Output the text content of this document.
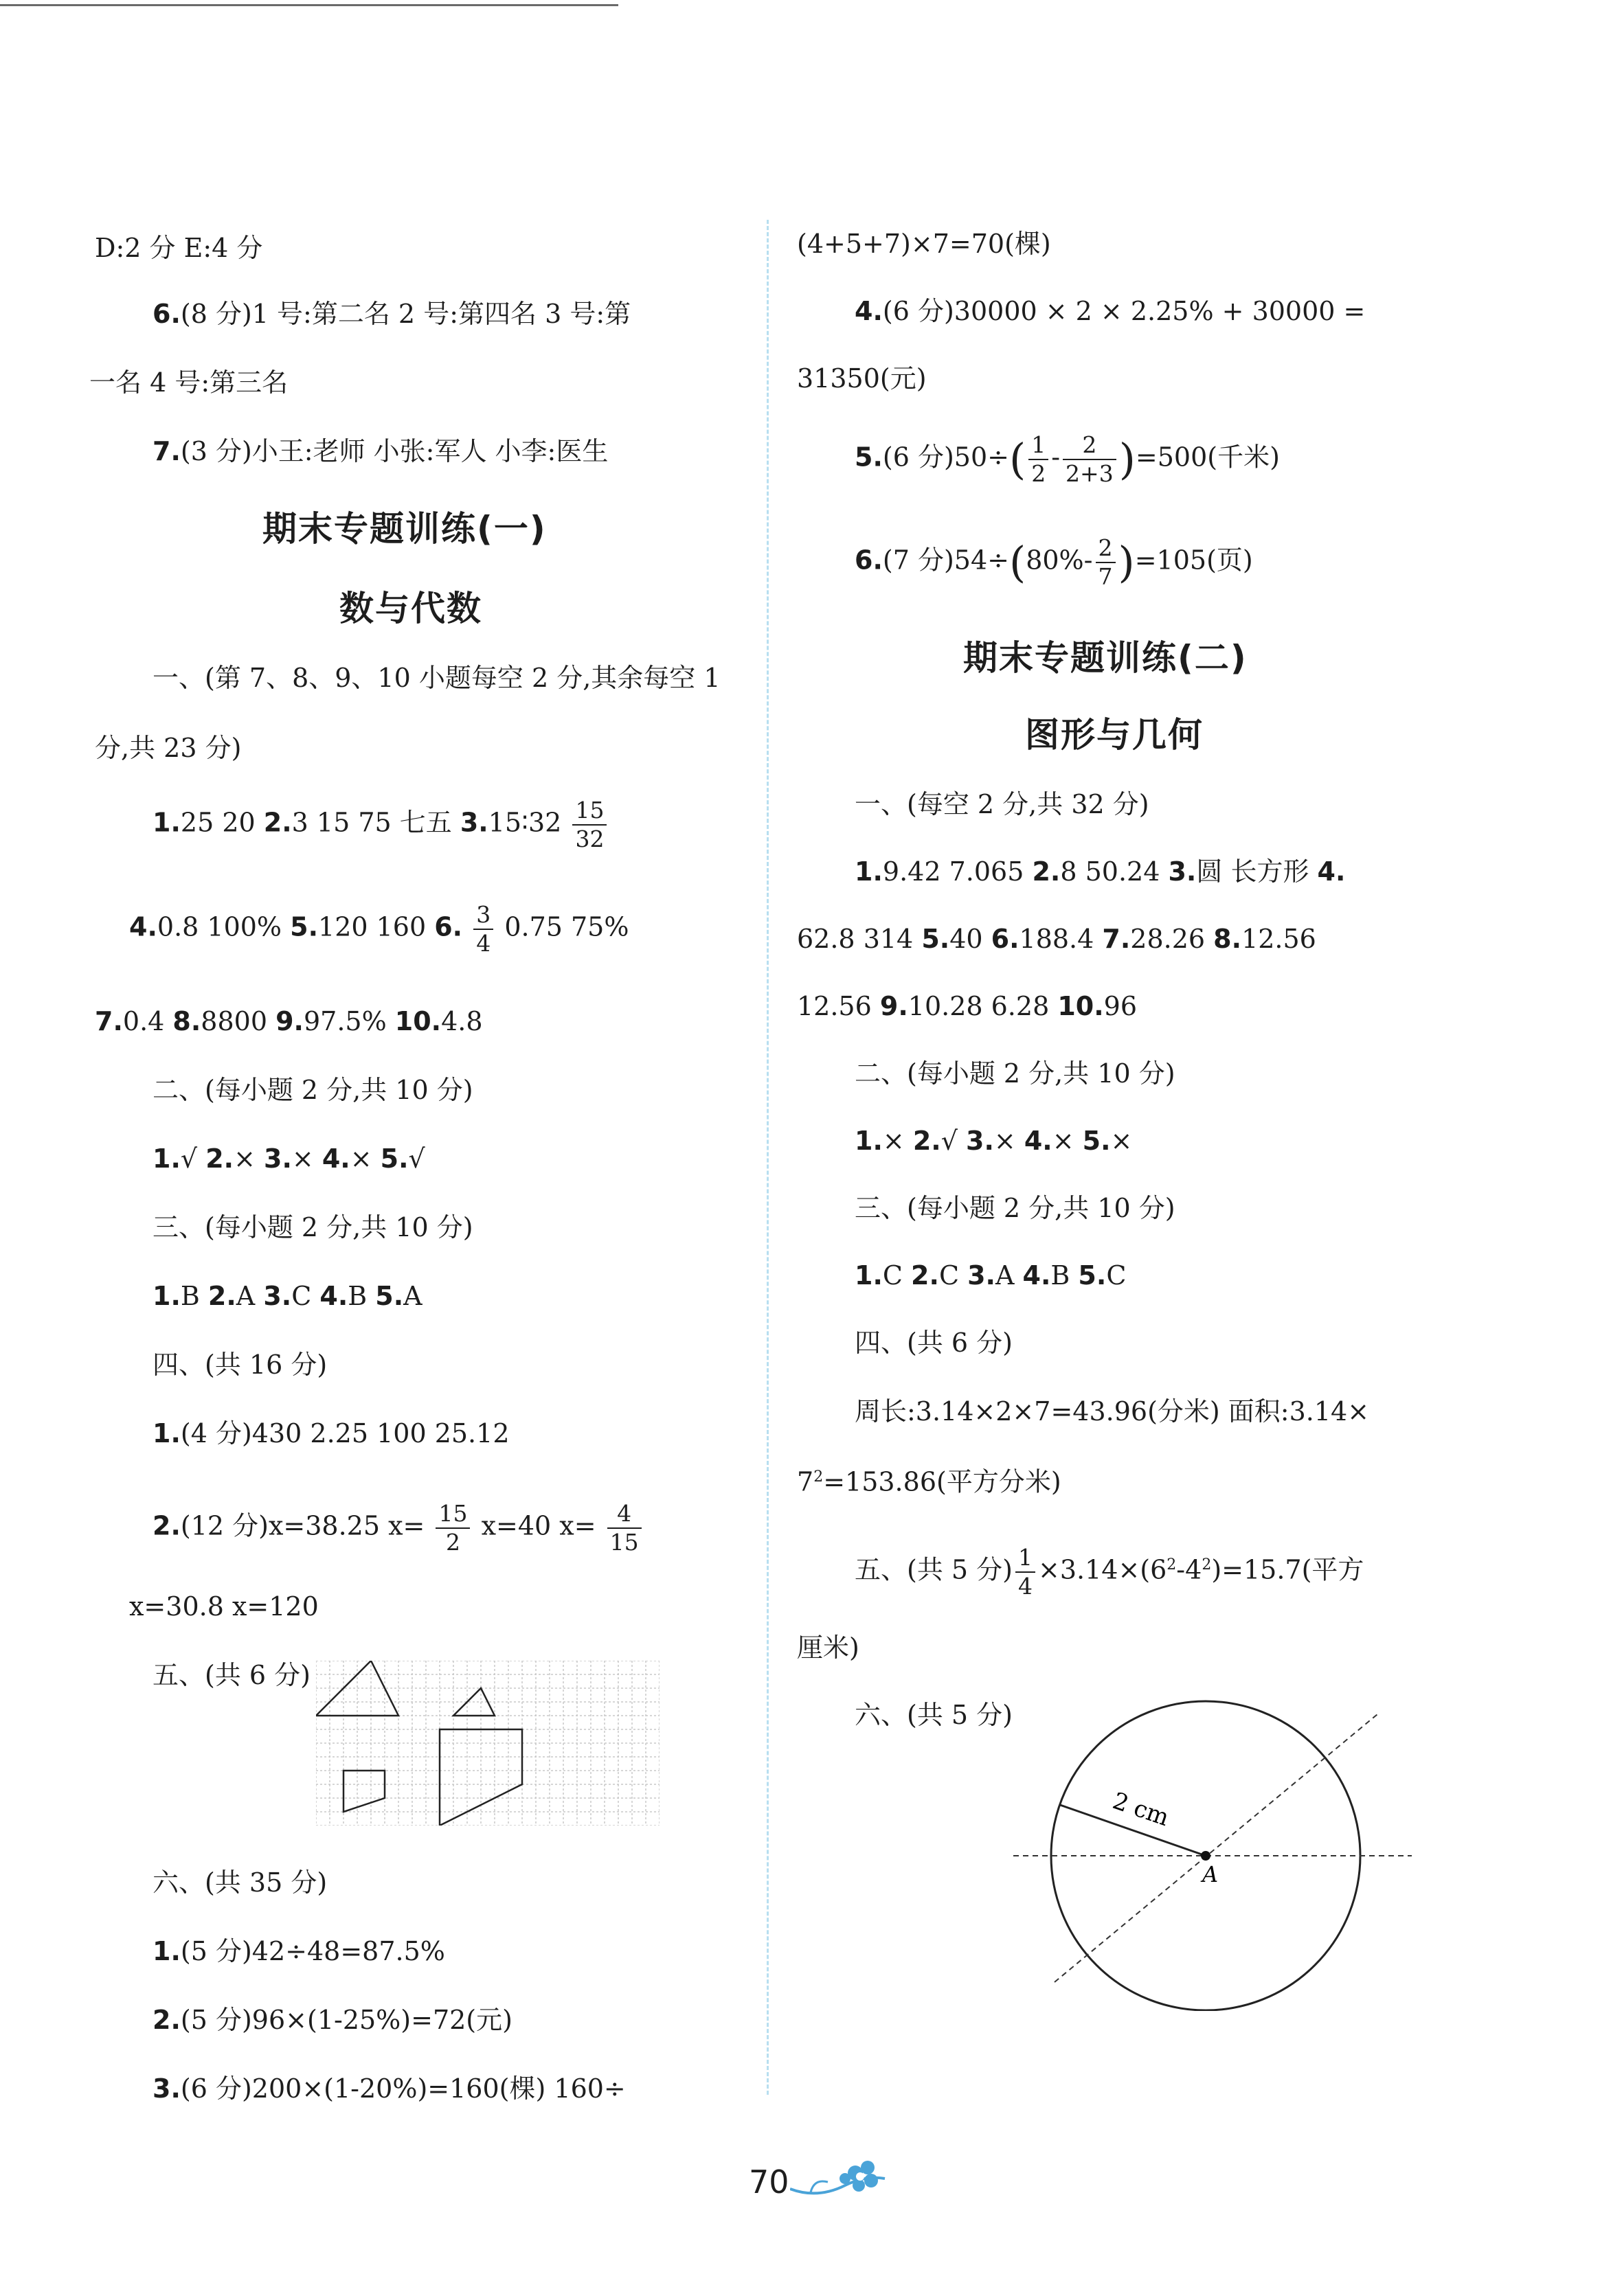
D:2 分 E:4 分
6.(8 分)1 号:第二名 2 号:第四名 3 号:第
一名 4 号:第三名
7.(3 分)小王:老师 小张:军人 小李:医生
期末专题训练(一)
数与代数
一、(第 7、8、9、10 小题每空 2 分,其余每空 1
分,共 23 分)
1.25 20 2.3 15 75 七五 3.15∶32 $\frac{15}{32}$
4.0.8 100% 5.120 160 6. $\frac{3}{4} 0.75$ 75%
7.0.4 8.8800 9.97.5% 10.4.8
二、(每小题 2 分,共 10 分)
1.√ 2.× 3.× 4.× 5.√
三、(每小题 2 分,共 10 分)
1.B 2.A 3.C 4.B 5.A
四、(共 16 分)
1.(4 分)430 2.25 100 25.12
2.(12 分)x=38.25 $x= \frac{15}{2} x=40$ $x= \frac{4}{15}$
x=30.8 x=120
五、(共 6 分)
六、(共 35 分)
1.(5 分)42÷48=87.5%
2.(5 分)96×(1-25%)=72(元)
3.(6 分)200×(1-20%)=160(棵) 160÷
(4+5+7)×7=70(棵)
4.(6 分)30000 × 2 × 2.25% + 30000 =
31350(元)
5.(6 分)$50\div( \frac{1}{2} - \frac{2}{2+3} )=500$(千米)
6.(7 分)$54\div(80\%- \frac{2}{7} )=105$(页)
期末专题训练(二)
图形与几何
一、(每空 2 分,共 32 分)
1.9.42 7.065 2.8 50.24 3.圆 长方形 4.
62.8 314 5.40 6.188.4 7.28.26 8.12.56
12.56 9.10.28 6.28 10.96
二、(每小题 2 分,共 10 分)
1.× 2.√ 3.× 4.× 5.×
三、(每小题 2 分,共 10 分)
1.C 2.C 3.A 4.B 5.C
四、(共 6 分)
周长:3.14×2×7=43.96(分米) 面积:3.14×
$7^2=153.86$(平方分米)
五、(共 5 分) $\frac{1}{4} \times 3.14\times(6^2-4^2)=15.7$(平方
厘米)
六、(共 5 分)
2 cm
A
70
